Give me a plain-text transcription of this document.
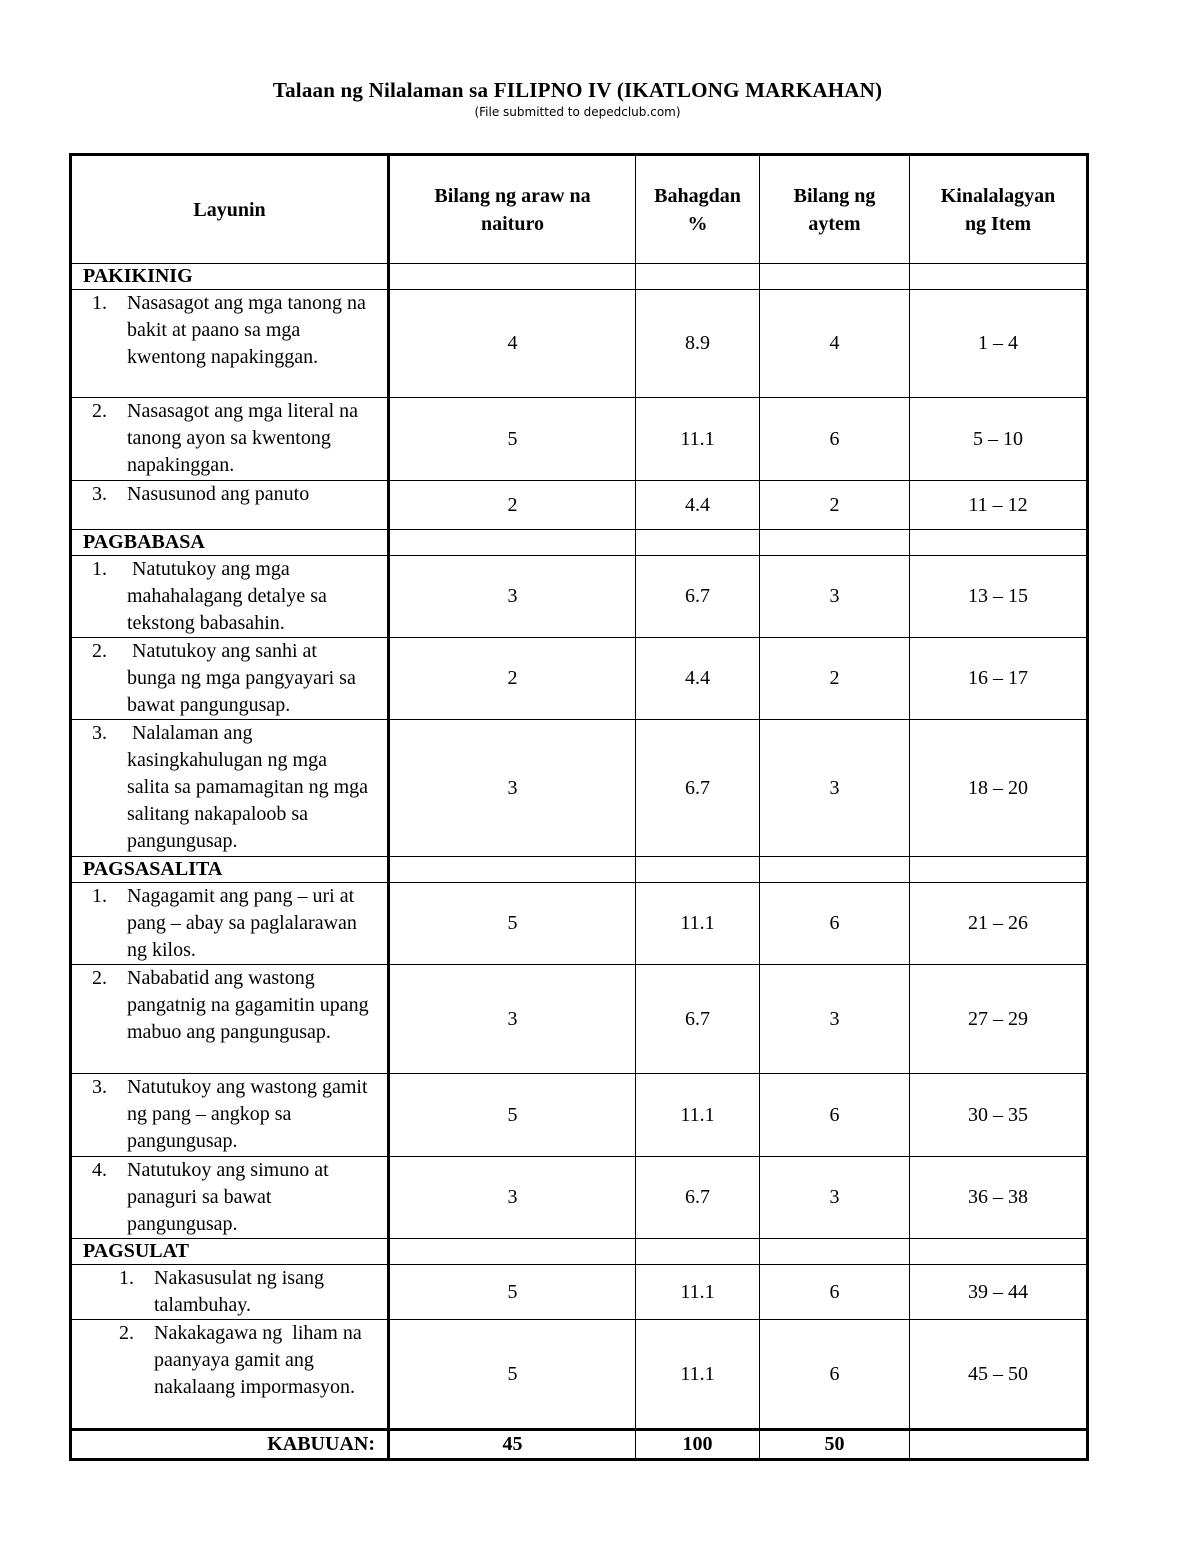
Talaan ng Nilalaman sa FILIPNO IV (IKATLONG MARKAHAN)
(File submitted to depedclub.com)
Layunin	Bilang ng araw na naituro	Bahagdan %	Bilang ng aytem	Kinalalagyan ng Item

PAKIKINIG				

1. Nasasagot ang mga tanong na bakit at paano sa mga kwentong napakinggan.	4	8.9	4	1 – 4

2. Nasasagot ang mga literal na tanong ayon sa kwentong napakinggan.	5	11.1	6	5 – 10

3. Nasusunod ang panuto	2	4.4	2	11 – 12
PAGBABASA				

1. Natutukoy ang mga mahahalagang detalye sa tekstong babasahin.	3	6.7	3	13 – 15

2. Natutukoy ang sanhi at bunga ng mga pangyayari sa bawat pangungusap.	2	4.4	2	16 – 17

3. Nalalaman ang kasingkahulugan ng mga salita sa pamamagitan ng mga salitang nakapaloob sa pangungusap.	3	6.7	3	18 – 20
PAGSASALITA				

1. Nagagamit ang pang – uri at pang – abay sa paglalarawan ng kilos.	5	11.1	6	21 – 26

2. Nababatid ang wastong pangatnig na gagamitin upang mabuo ang pangungusap.	3	6.7	3	27 – 29

3. Natutukoy ang wastong gamit ng pang – angkop sa pangungusap.	5	11.1	6	30 – 35

4. Natutukoy ang simuno at panaguri sa bawat pangungusap.	3	6.7	3	36 – 38
PAGSULAT				

1. Nakasusulat ng isang talambuhay.	5	11.1	6	39 – 44

2. Nakakagawa ng  liham na paanyaya gamit ang nakalaang impormasyon.	5	11.1	6	45 – 50
KABUUAN:	45	100	50	
